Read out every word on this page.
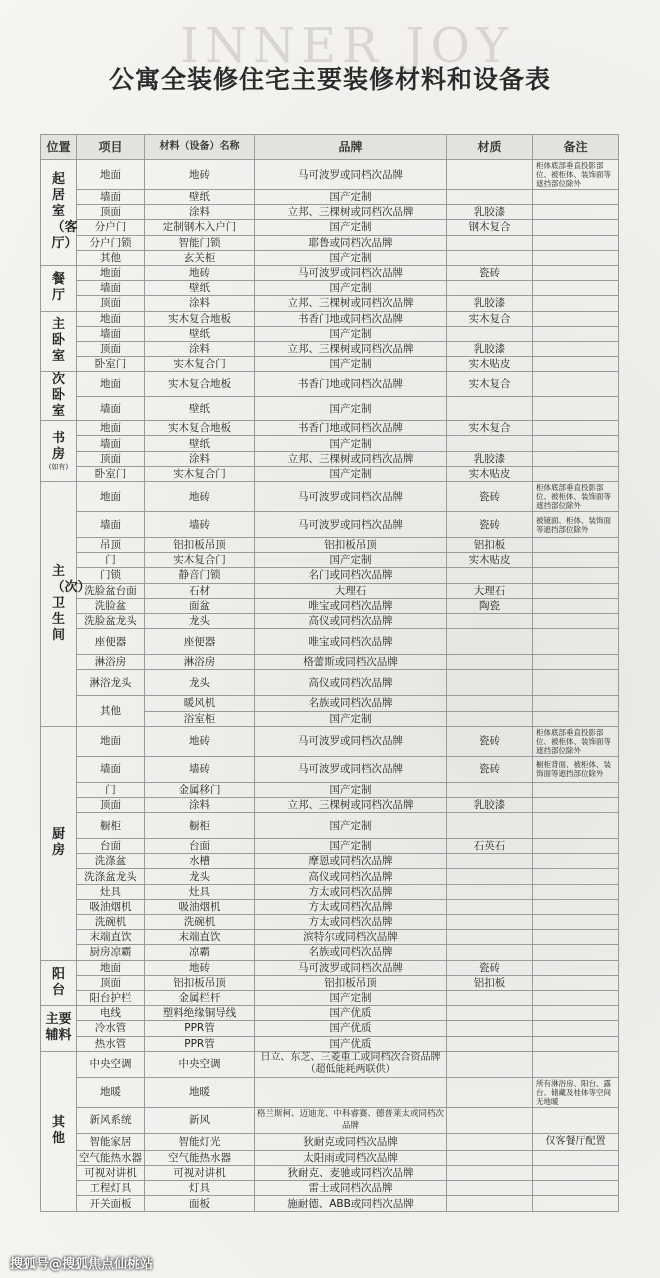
INNER JOY
公寓全装修住宅主要装修材料和设备表
位置	项目	材料（设备）名称	品牌	材质	备注
起居室（客厅）	地面	地砖	马可波罗或同档次品牌		柜体底部垂直投影部位、被柜体、装饰面等遮挡部位除外
	墙面	壁纸	国产定制		
	顶面	涂料	立邦、三棵树或同档次品牌	乳胶漆	
	分户门	定制钢木入户门	国产定制	钢木复合	
	分户门锁	智能门锁	耶鲁或同档次品牌		
	其他	玄关柜	国产定制		
餐厅	地面	地砖	马可波罗或同档次品牌	瓷砖	
	墙面	壁纸	国产定制		
	顶面	涂料	立邦、三棵树或同档次品牌	乳胶漆	
主卧室	地面	实木复合地板	书香门地或同档次品牌	实木复合	
	墙面	壁纸	国产定制		
	顶面	涂料	立邦、三棵树或同档次品牌	乳胶漆	
	卧室门	实木复合门	国产定制	实木贴皮	
次卧室	地面	实木复合地板	书香门地或同档次品牌	实木复合	
	墙面	壁纸	国产定制		
书房
(如有)	地面	实木复合地板	书香门地或同档次品牌	实木复合	
	墙面	壁纸	国产定制		
	顶面	涂料	立邦、三棵树或同档次品牌	乳胶漆	
	卧室门	实木复合门	国产定制	实木贴皮	
主（次）卫生间	地面	地砖	马可波罗或同档次品牌	瓷砖	柜体底部垂直投影部位、被柜体、装饰面等遮挡部位除外
	墙面	墙砖	马可波罗或同档次品牌	瓷砖	被镜面、柜体、装饰面等遮挡部位除外
	吊顶	铝扣板吊顶	铝扣板吊顶	铝扣板	
	门	实木复合门	国产定制	实木贴皮	
	门锁	静音门锁	名门或同档次品牌		
	洗脸盆台面	石材	大理石	大理石	
	洗脸盆	面盆	唯宝或同档次品牌	陶瓷	
	洗脸盆龙头	龙头	高仪或同档次品牌		
	座便器	座便器	唯宝或同档次品牌		
	淋浴房	淋浴房	格蕾斯或同档次品牌		
	淋浴龙头	龙头	高仪或同档次品牌		
	其他	暖风机	名族或同档次品牌		
		浴室柜	国产定制		
厨房	地面	地砖	马可波罗或同档次品牌	瓷砖	柜体底部垂直投影部位、被柜体、装饰面等遮挡部位除外
	墙面	墙砖	马可波罗或同档次品牌	瓷砖	橱柜背面、被柜体、装饰面等遮挡部位除外
	门	金属移门	国产定制		
	顶面	涂料	立邦、三棵树或同档次品牌	乳胶漆	
	橱柜	橱柜	国产定制		
	台面	台面	国产定制	石英石	
	洗涤盆	水槽	摩恩或同档次品牌		
	洗涤盆龙头	龙头	高仪或同档次品牌		
	灶具	灶具	方太或同档次品牌		
	吸油烟机	吸油烟机	方太或同档次品牌		
	洗碗机	洗碗机	方太或同档次品牌		
	末端直饮	末端直饮	滨特尔或同档次品牌		
	厨房凉霸	凉霸	名族或同档次品牌		
阳台	地面	地砖	马可波罗或同档次品牌	瓷砖	
	顶面	铝扣板吊顶	铝扣板吊顶	铝扣板	
	阳台护栏	金属栏杆	国产定制		
主要辅料	电线	塑料绝缘铜导线	国产优质		
	冷水管	PPR管	国产优质		
	热水管	PPR管	国产优质		
其他	中央空调	中央空调	日立、东芝、三菱重工或同档次合资品牌（超低能耗两联供）		
	地暖	地暖			所有淋浴房、阳台、露台、储藏及桂体等空间无地暖
	新风系统	新风	格兰斯柯、迈迪龙、中科睿赛、德普莱太或同档次品牌		
	智能家居	智能灯光	狄耐克或同档次品牌		仅客餐厅配置
	空气能热水器	空气能热水器	太阳雨或同档次品牌		
	可视对讲机	可视对讲机	狄耐克、麦驰或同档次品牌		
	工程灯具	灯具	雷士或同档次品牌		
	开关面板	面板	施耐德、ABB或同档次品牌		
搜狐号@搜狐焦点仙桃站
